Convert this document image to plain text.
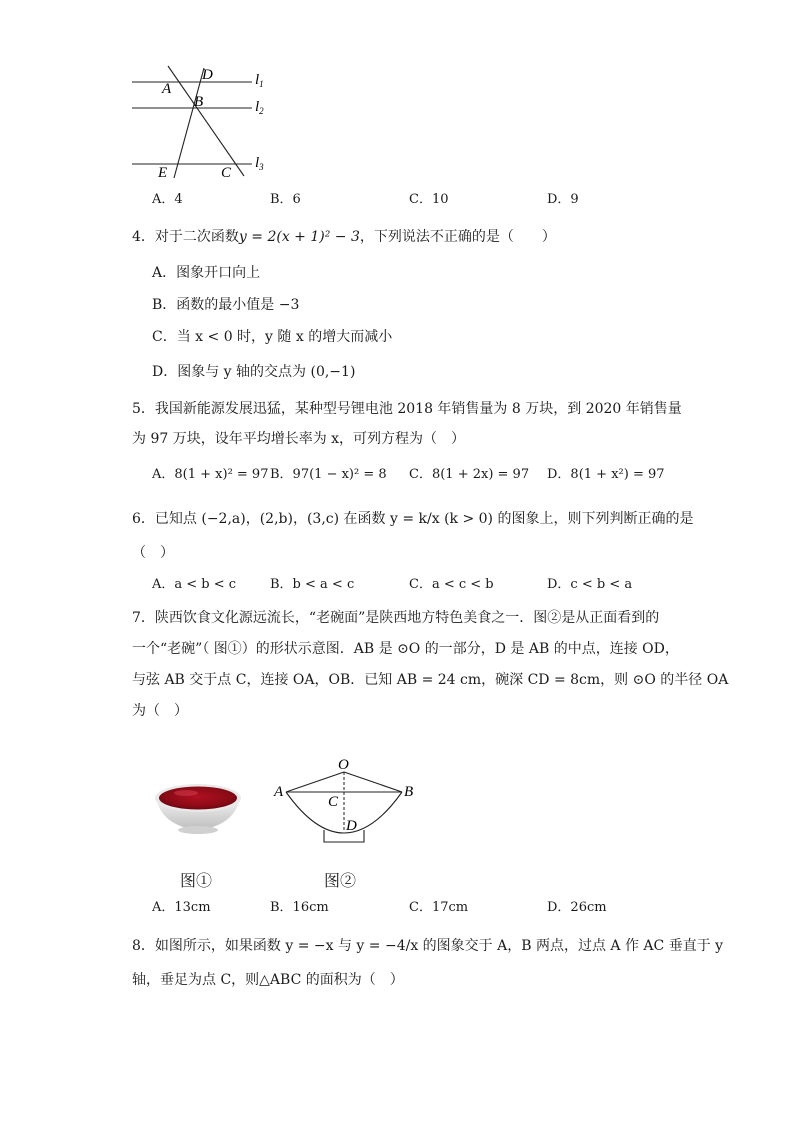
D
A
B
E	C
$l_1$
$l_2$
$l_3$
A．4	B．6	C．10	D．9
4．对于二次函数y = 2(x + 1)² − 3，下列说法不正确的是（　　）
A．图象开口向上
B．函数的最小值是 −3
C．当 x < 0 时，y 随 x 的增大而减小
D．图象与 y 轴的交点为 (0,−1)
5．我国新能源发展迅猛，某种型号锂电池 2018 年销售量为 8 万块，到 2020 年销售量
为 97 万块，设年平均增长率为 x，可列方程为（　）
A．8(1 + x)² = 97 B．97(1 − x)² = 8 C．8(1 + 2x) = 97 D．8(1 + x²) = 97
6．已知点 (−2,a)，(2,b)，(3,c) 在函数 y = k/x (k > 0) 的图象上，则下列判断正确的是
（　）
A．a < b < c	B．b < a < c	C．a < c < b	D．c < b < a
7．陕西饮食文化源远流长，“老碗面”是陕西地方特色美食之一．图②是从正面看到的
一个“老碗”（ 图①）的形状示意图．AB 是 ⊙O 的一部分，D 是 AB 的中点，连接 OD，
与弦 AB 交于点 C，连接 OA，OB．已知 AB = 24 cm，碗深 CD = 8cm，则 ⊙O 的半径 OA
为（　）
O
A	B
C
D
图①	图②
A．13cm	B．16cm	C．17cm	D．26cm
8．如图所示，如果函数 y = −x 与 y = −4/x 的图象交于 A，B 两点，过点 A 作 AC 垂直于 y
轴，垂足为点 C，则△ABC 的面积为（　）
